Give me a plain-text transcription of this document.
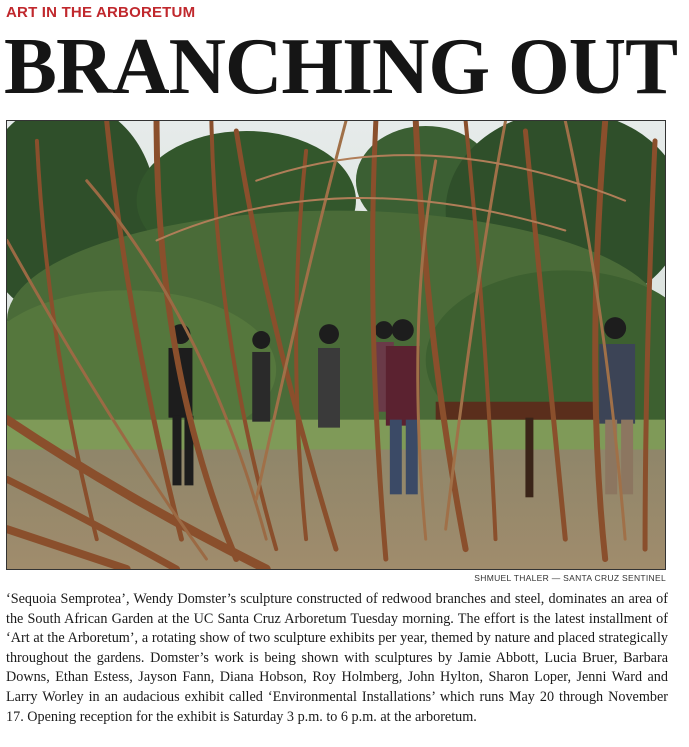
ART IN THE ARBORETUM
BRANCHING OUT
SHMUEL THALER — SANTA CRUZ SENTINEL
‘Sequoia Semprotea’, Wendy Domster’s sculpture constructed of redwood branches and steel, dominates an area of the South African Garden at the UC Santa Cruz Arboretum Tuesday morning. The effort is the latest installment of ‘Art at the Arboretum’, a rotating show of two sculpture exhibits per year, themed by nature and placed strategically throughout the gardens. Domster’s work is being shown with sculptures by Jamie Abbott, Lucia Bruer, Barbara Downs, Ethan Estess, Jayson Fann, Diana Hobson, Roy Holmberg, John Hylton, Sharon Loper, Jenni Ward and Larry Worley in an audacious exhibit called ‘Environmental Installations’ which runs May 20 through November 17. Opening reception for the exhibit is Saturday 3 p.m. to 6 p.m. at the arboretum.
